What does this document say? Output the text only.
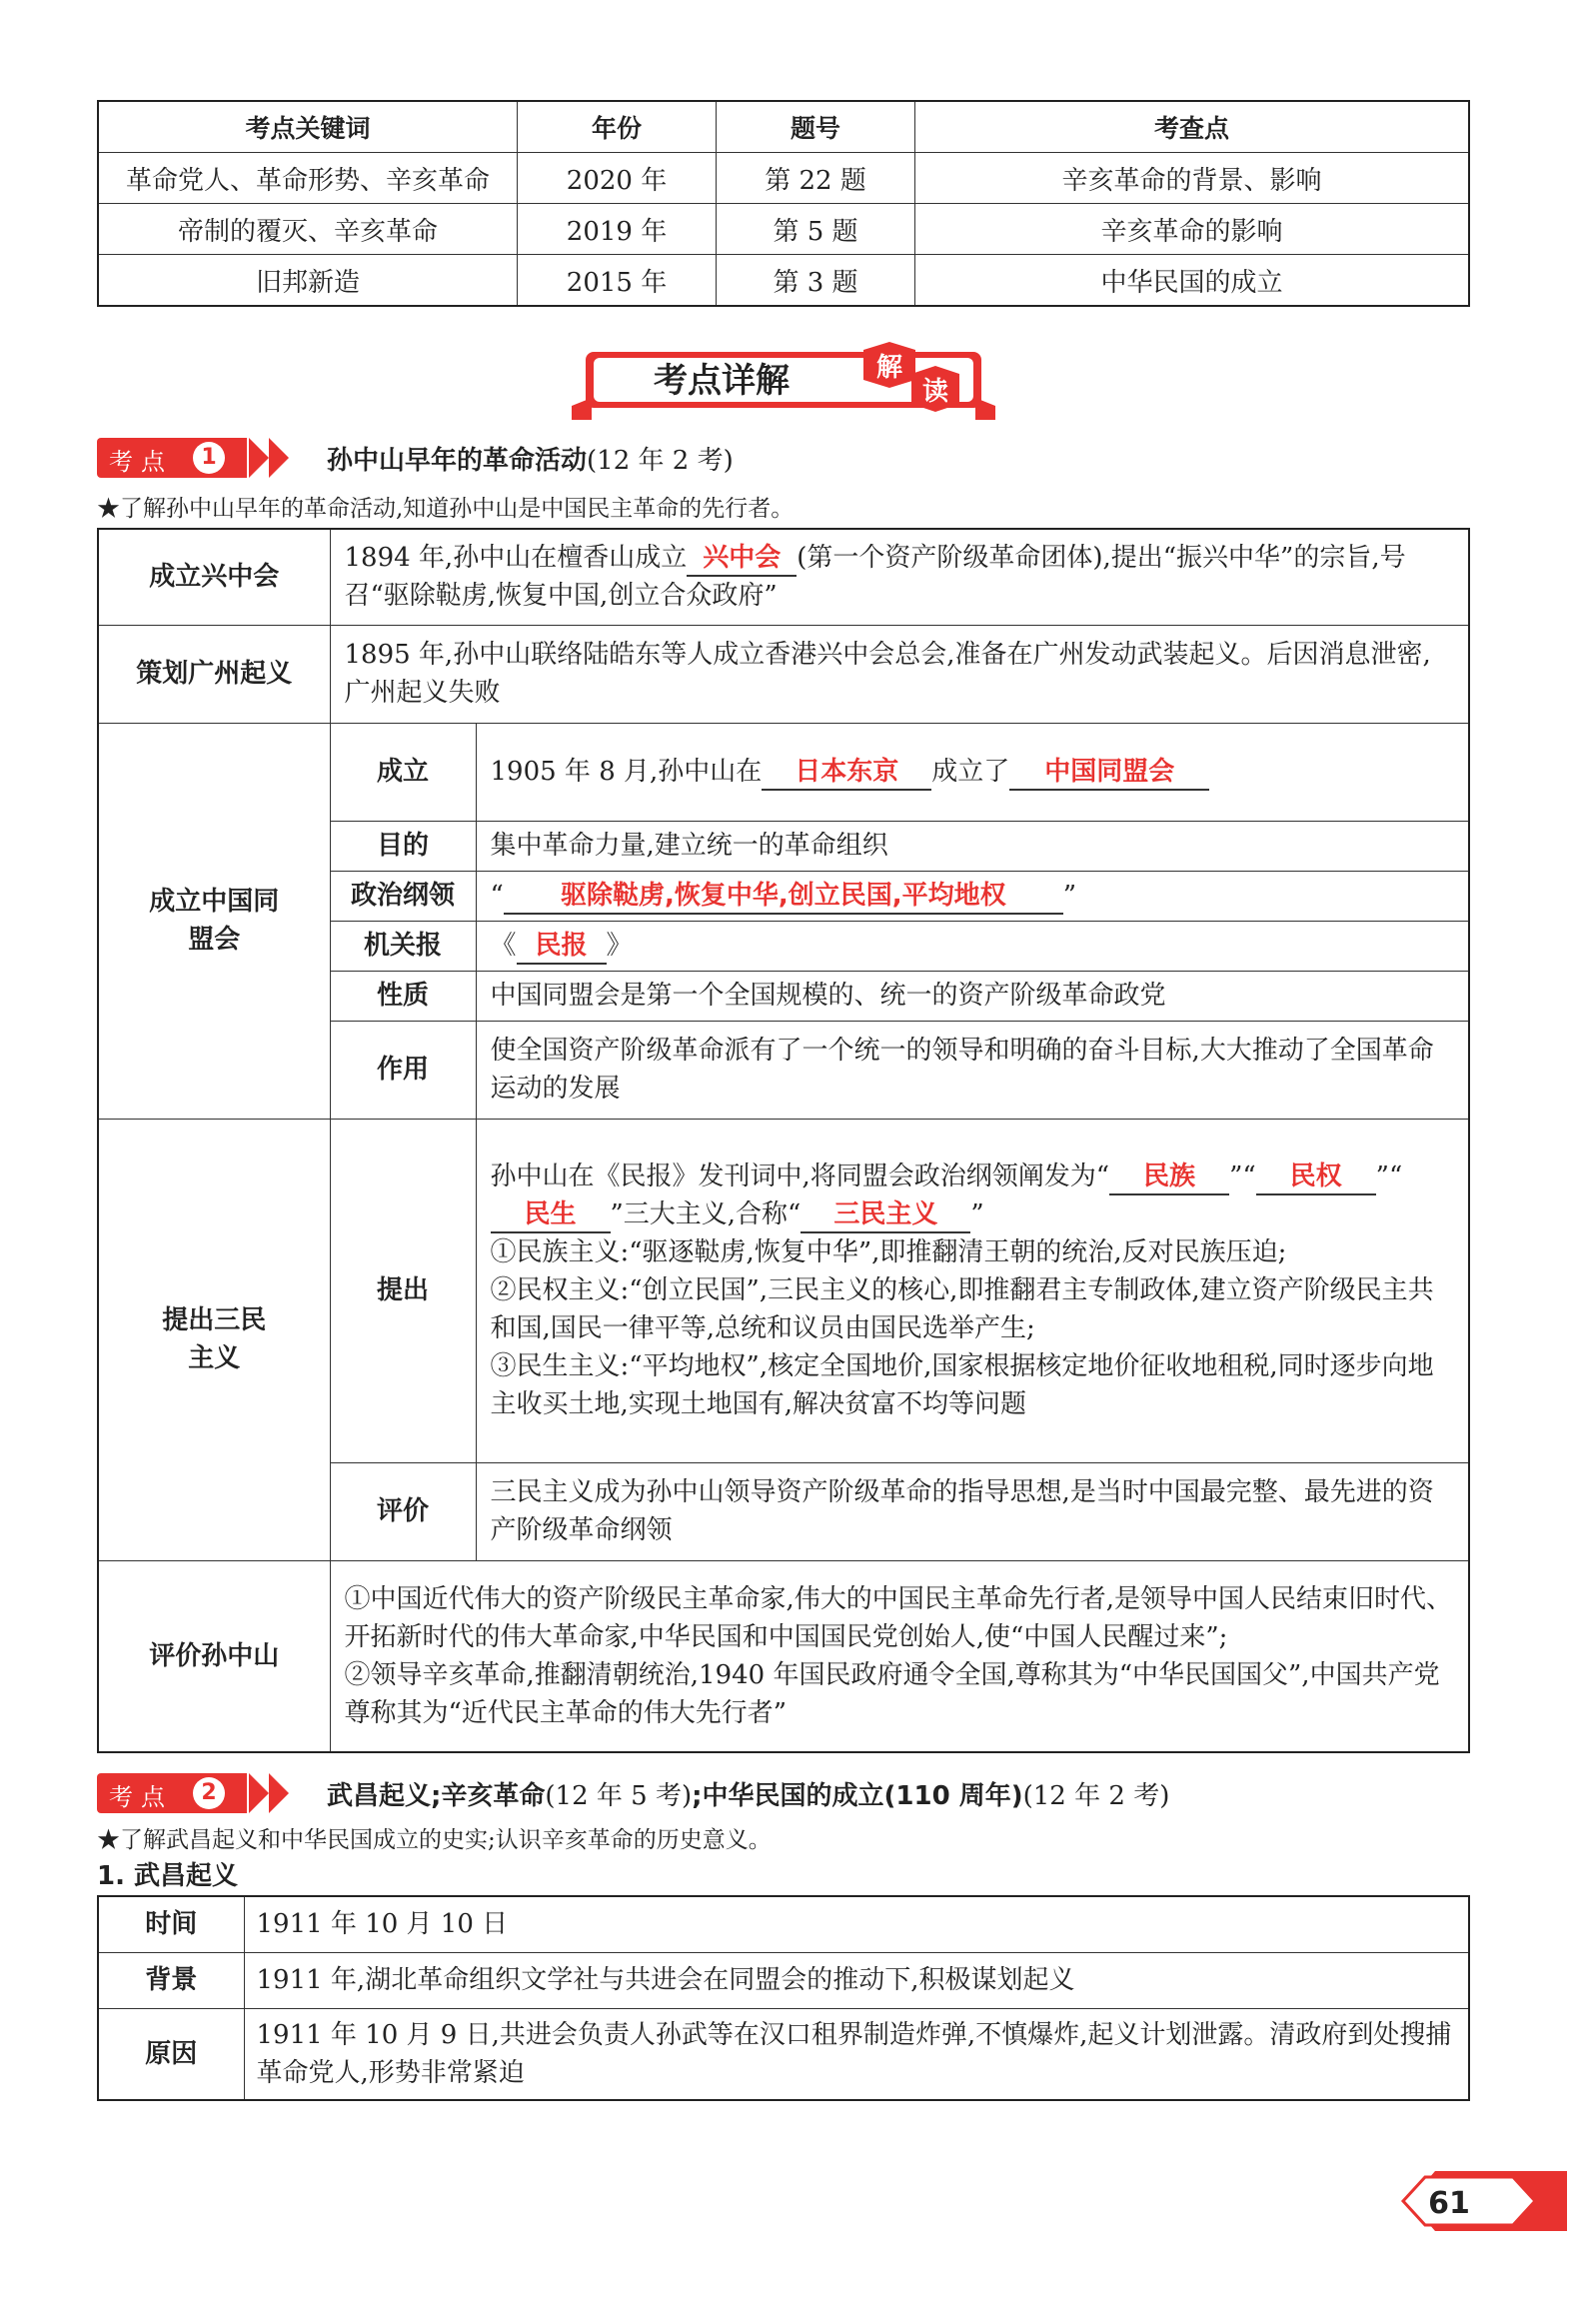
考点关键词	年份	题号	考查点
革命党人、革命形势、辛亥革命	2020 年	第 22 题	辛亥革命的背景、影响
帝制的覆灭、辛亥革命	2019 年	第 5 题	辛亥革命的影响
旧邦新造	2015 年	第 3 题	中华民国的成立
考点详解	解
读
考点	1	孙中山早年的革命活动(12 年 2 考)
★了解孙中山早年的革命活动,知道孙中山是中国民主革命的先行者。
成立兴中会	1894 年,孙中山在檀香山成立 兴中会 (第一个资产阶级革命团体),提出“振兴中华”的宗旨,号召“驱除鞑虏,恢复中国,创立合众政府”	
策划广州起义	1895 年,孙中山联络陆皓东等人成立香港兴中会总会,准备在广州发动武装起义。后因消息泄密,广州起义失败	
成立中国同盟会	成立	1905 年 8 月,孙中山在 日本东京 成立了 中国同盟会
	目的	集中革命力量,建立统一的革命组织
	政治纲领	“ 驱除鞑虏,恢复中华,创立民国,平均地权 ”
	机关报	《 民报 》
	性质	中国同盟会是第一个全国规模的、统一的资产阶级革命政党
	作用	使全国资产阶级革命派有了一个统一的领导和明确的奋斗目标,大大推动了全国革命运动的发展
提出三民主义	提出	孙中山在《民报》发刊词中,将同盟会政治纲领阐发为“ 民族 ”“ 民权 ”“民生 ”三大主义,合称“ 三民主义 ”
①民族主义:“驱逐鞑虏,恢复中华”,即推翻清王朝的统治,反对民族压迫;
②民权主义:“创立民国”,三民主义的核心,即推翻君主专制政体,建立资产阶级民主共和国,国民一律平等,总统和议员由国民选举产生;
③民生主义:“平均地权”,核定全国地价,国家根据核定地价征收地租税,同时逐步向地主收买土地,实现土地国有,解决贫富不均等问题

	评价	三民主义成为孙中山领导资产阶级革命的指导思想,是当时中国最完整、最先进的资产阶级革命纲领
评价孙中山	①中国近代伟大的资产阶级民主革命家,伟大的中国民主革命先行者,是领导中国人民结束旧时代、开拓新时代的伟大革命家,中华民国和中国国民党创始人,使“中国人民醒过来”;
②领导辛亥革命,推翻清朝统治,1940 年国民政府通令全国,尊称其为“中华民国国父”,中国共产党尊称其为“近代民主革命的伟大先行者”	
考点	2	武昌起义;辛亥革命(12 年 5 考);中华民国的成立(110 周年)(12 年 2 考)
★了解武昌起义和中华民国成立的史实;认识辛亥革命的历史意义。
1. 武昌起义
时间	1911 年 10 月 10 日
背景	1911 年,湖北革命组织文学社与共进会在同盟会的推动下,积极谋划起义
原因	1911 年 10 月 9 日,共进会负责人孙武等在汉口租界制造炸弹,不慎爆炸,起义计划泄露。清政府到处搜捕革命党人,形势非常紧迫
61
